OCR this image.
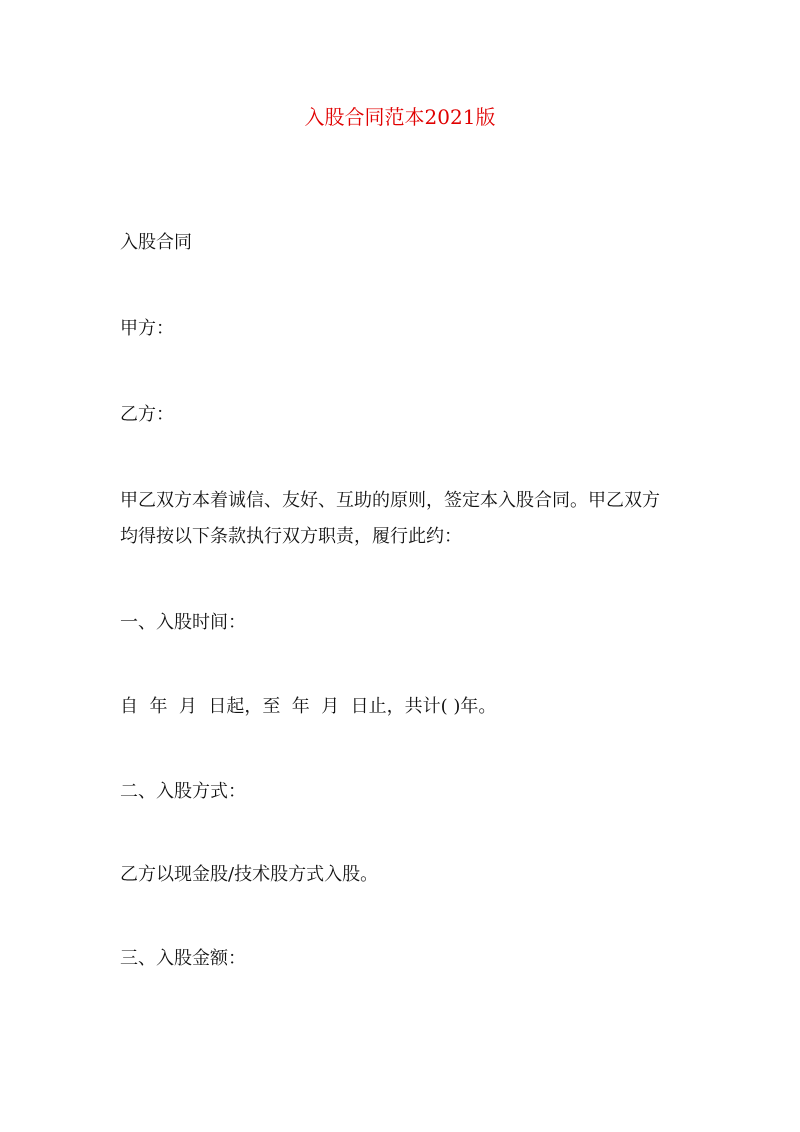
入股合同范本2021版
入股合同
甲方：
乙方：
甲乙双方本着诚信、友好、互助的原则，签定本入股合同。甲乙双方
均得按以下条款执行双方职责，履行此约：
一、入股时间：
自  年  月  日起，至  年  月  日止，共计( )年。
二、入股方式：
乙方以现金股/技术股方式入股。
三、入股金额：
